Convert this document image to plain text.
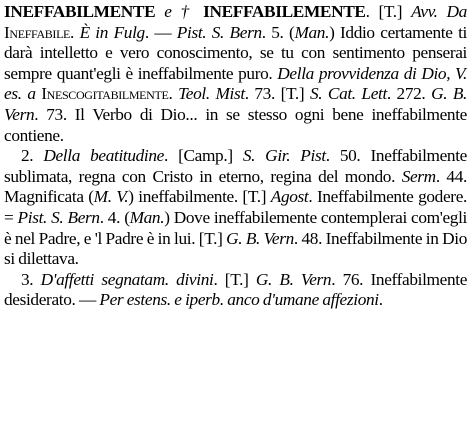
INEFFABILMENTE e † INEFFABILEMENTE. [T.] Avv. Da Ineffabile. È in Fulg. — Pist. S. Bern. 5. (Man.) Iddio certamente ti darà intelletto e vero conoscimento, se tu con sentimento penserai sempre quant'egli è ineffabilmente puro. Della provvidenza di Dio, V. es. a Inescogitabilmente. Teol. Mist. 73. [T.] S. Cat. Lett. 272. G. B. Vern. 73. Il Verbo di Dio... in se stesso ogni bene ineffabilmente contiene.

2. Della beatitudine. [Camp.] S. Gir. Pist. 50. Ineffabilmente sublimata, regna con Cristo in eterno, regina del mondo. Serm. 44. Magnificata (M. V.) ineffabilmente. [T.] Agost. Ineffabilmente godere. = Pist. S. Bern. 4. (Man.) Dove ineffabilemente contemplerai com'egli è nel Padre, e 'l Padre è in lui. [T.] G. B. Vern. 48. Ineffabilmente in Dio si dilettava.

3. D'affetti segnatam. divini. [T.] G. B. Vern. 76. Ineffabilmente desiderato. — Per estens. e iperb. anco d'umane affezioni.
